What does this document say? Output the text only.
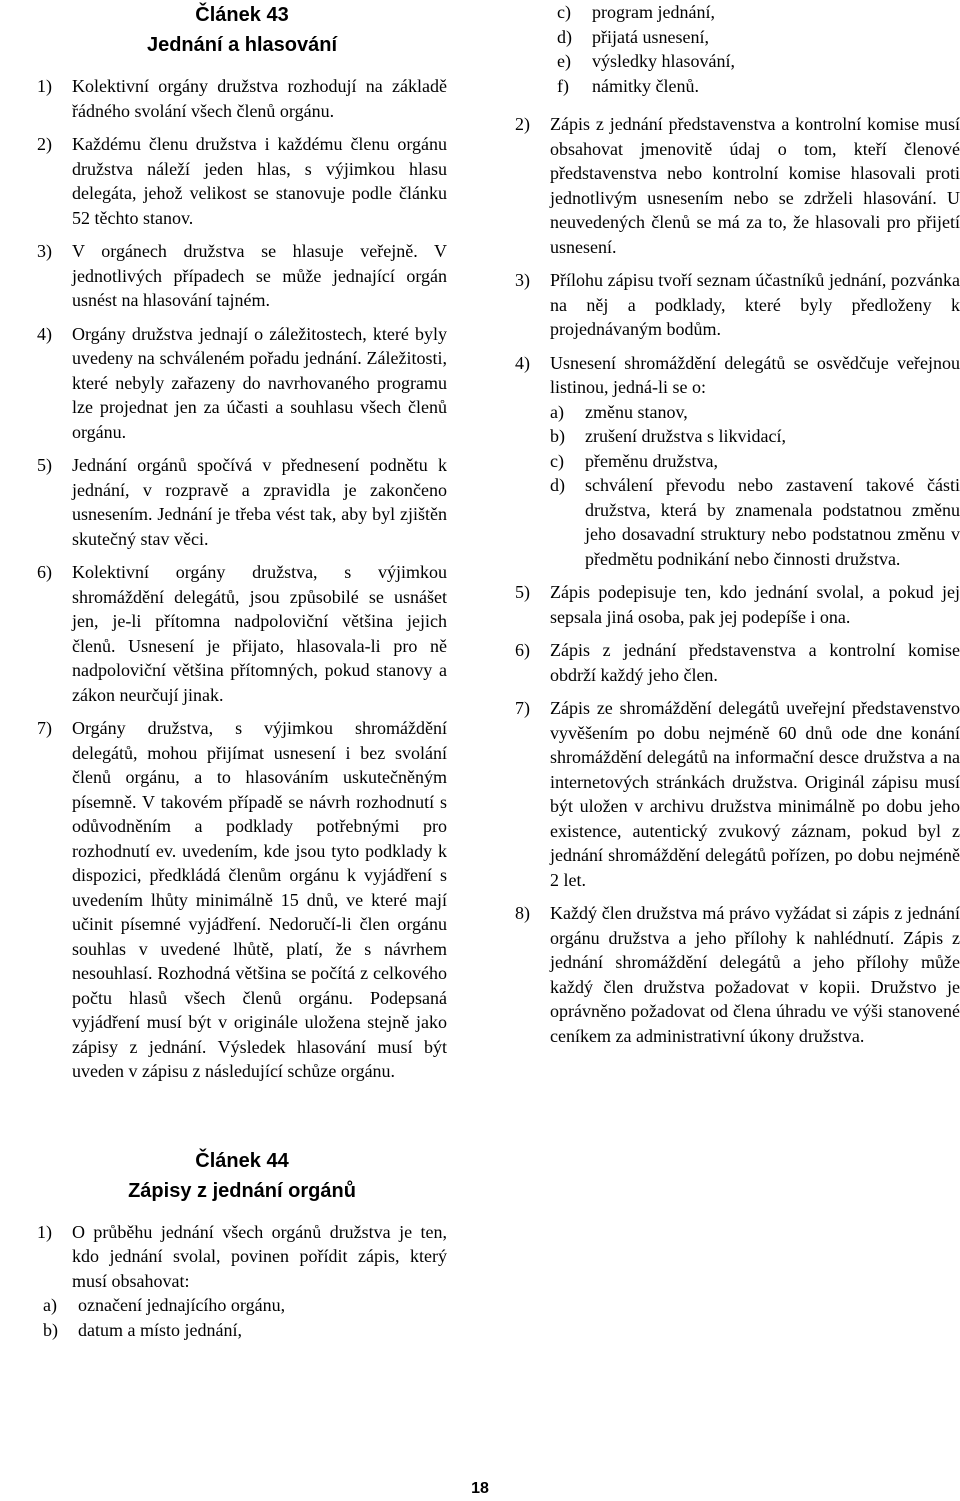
Článek 43
Jednání a hlasování

1)	Kolektivní orgány družstva rozhodují na základě řádného svolání všech členů orgánu.

2)	Každému členu družstva i každému členu orgánu družstva náleží jeden hlas, s výjimkou hlasu delegáta, jehož velikost se stanovuje podle článku 52 těchto stanov.

3)	V orgánech družstva se hlasuje veřejně. V jednotlivých případech se může jednající orgán usnést na hlasování tajném.

4)	Orgány družstva jednají o záležitostech, které byly uvedeny na schváleném pořadu jednání. Záležitosti, které nebyly zařazeny do navrhovaného programu lze projednat jen za účasti a souhlasu všech členů orgánu.

5)	Jednání orgánů spočívá v přednesení podnětu k jednání, v rozpravě a zpravidla je zakončeno usnesením. Jednání je třeba vést tak, aby byl zjištěn skutečný stav věci.

6)	Kolektivní orgány družstva, s výjimkou shromáždění delegátů, jsou způsobilé se usnášet jen, je-li přítomna nadpoloviční většina jejich členů. Usnesení je přijato, hlasovala-li pro ně nadpoloviční většina přítomných, pokud stanovy a zákon neurčují jinak.

7)	Orgány družstva, s výjimkou shromáždění delegátů, mohou přijímat usnesení i bez svolání členů orgánu, a to hlasováním uskutečněným písemně. V takovém případě se návrh rozhodnutí s odůvodněním a podklady potřebnými pro rozhodnutí ev. uvedením, kde jsou tyto podklady k dispozici, předkládá členům orgánu k vyjádření s uvedením lhůty minimálně 15 dnů, ve které mají učinit písemné vyjádření. Nedoručí-li člen orgánu souhlas v uvedené lhůtě, platí, že s návrhem nesouhlasí. Rozhodná většina se počítá z celkového počtu hlasů všech členů orgánu. Podepsaná vyjádření musí být v originále uložena stejně jako zápisy z jednání. Výsledek hlasování musí být uveden v zápisu z následující schůze orgánu.

Článek 44
Zápisy z jednání orgánů

1)	O průběhu jednání všech orgánů družstva je ten, kdo jednání svolal, povinen pořídit zápis, který musí obsahovat:

a)	označení jednajícího orgánu,
b)	datum a místo jednání,
c)	program jednání,
d)	přijatá usnesení,
e)	výsledky hlasování,
f)	námitky členů.

2)	Zápis z jednání představenstva a kontrolní komise musí obsahovat jmenovitě údaj o tom, kteří členové představenstva nebo kontrolní komise hlasovali proti jednotlivým usnesením nebo se zdrželi hlasování. U neuvedených členů se má za to, že hlasovali pro přijetí usnesení.

3)	Přílohu zápisu tvoří seznam účastníků jednání, pozvánka na něj a podklady, které byly předloženy k projednávaným bodům.

4)	Usnesení shromáždění delegátů se osvědčuje veřejnou listinou, jedná-li se o:

a)	změnu stanov,
b)	zrušení družstva s likvidací,
c)	přeměnu družstva,
d)	schválení převodu nebo zastavení takové části družstva, která by znamenala podstatnou změnu jeho dosavadní struktury nebo podstatnou změnu v předmětu podnikání nebo činnosti družstva.

5)	Zápis podepisuje ten, kdo jednání svolal, a pokud jej sepsala jiná osoba, pak jej podepíše i ona.

6)	Zápis z jednání představenstva a kontrolní komise obdrží každý jeho člen.

7)	Zápis ze shromáždění delegátů uveřejní představenstvo vyvěšením po dobu nejméně 60 dnů ode dne konání shromáždění delegátů na informační desce družstva a na internetových stránkách družstva. Originál zápisu musí být uložen v archivu družstva minimálně po dobu jeho existence, autentický zvukový záznam, pokud byl z jednání shromáždění delegátů pořízen, po dobu nejméně 2 let.

8)	Každý člen družstva má právo vyžádat si zápis z jednání orgánu družstva a jeho přílohy k nahlédnutí. Zápis z jednání shromáždění delegátů a jeho přílohy může každý člen družstva požadovat v kopii. Družstvo je oprávněno požadovat od člena úhradu ve výši stanovené ceníkem za administrativní úkony družstva.

18
